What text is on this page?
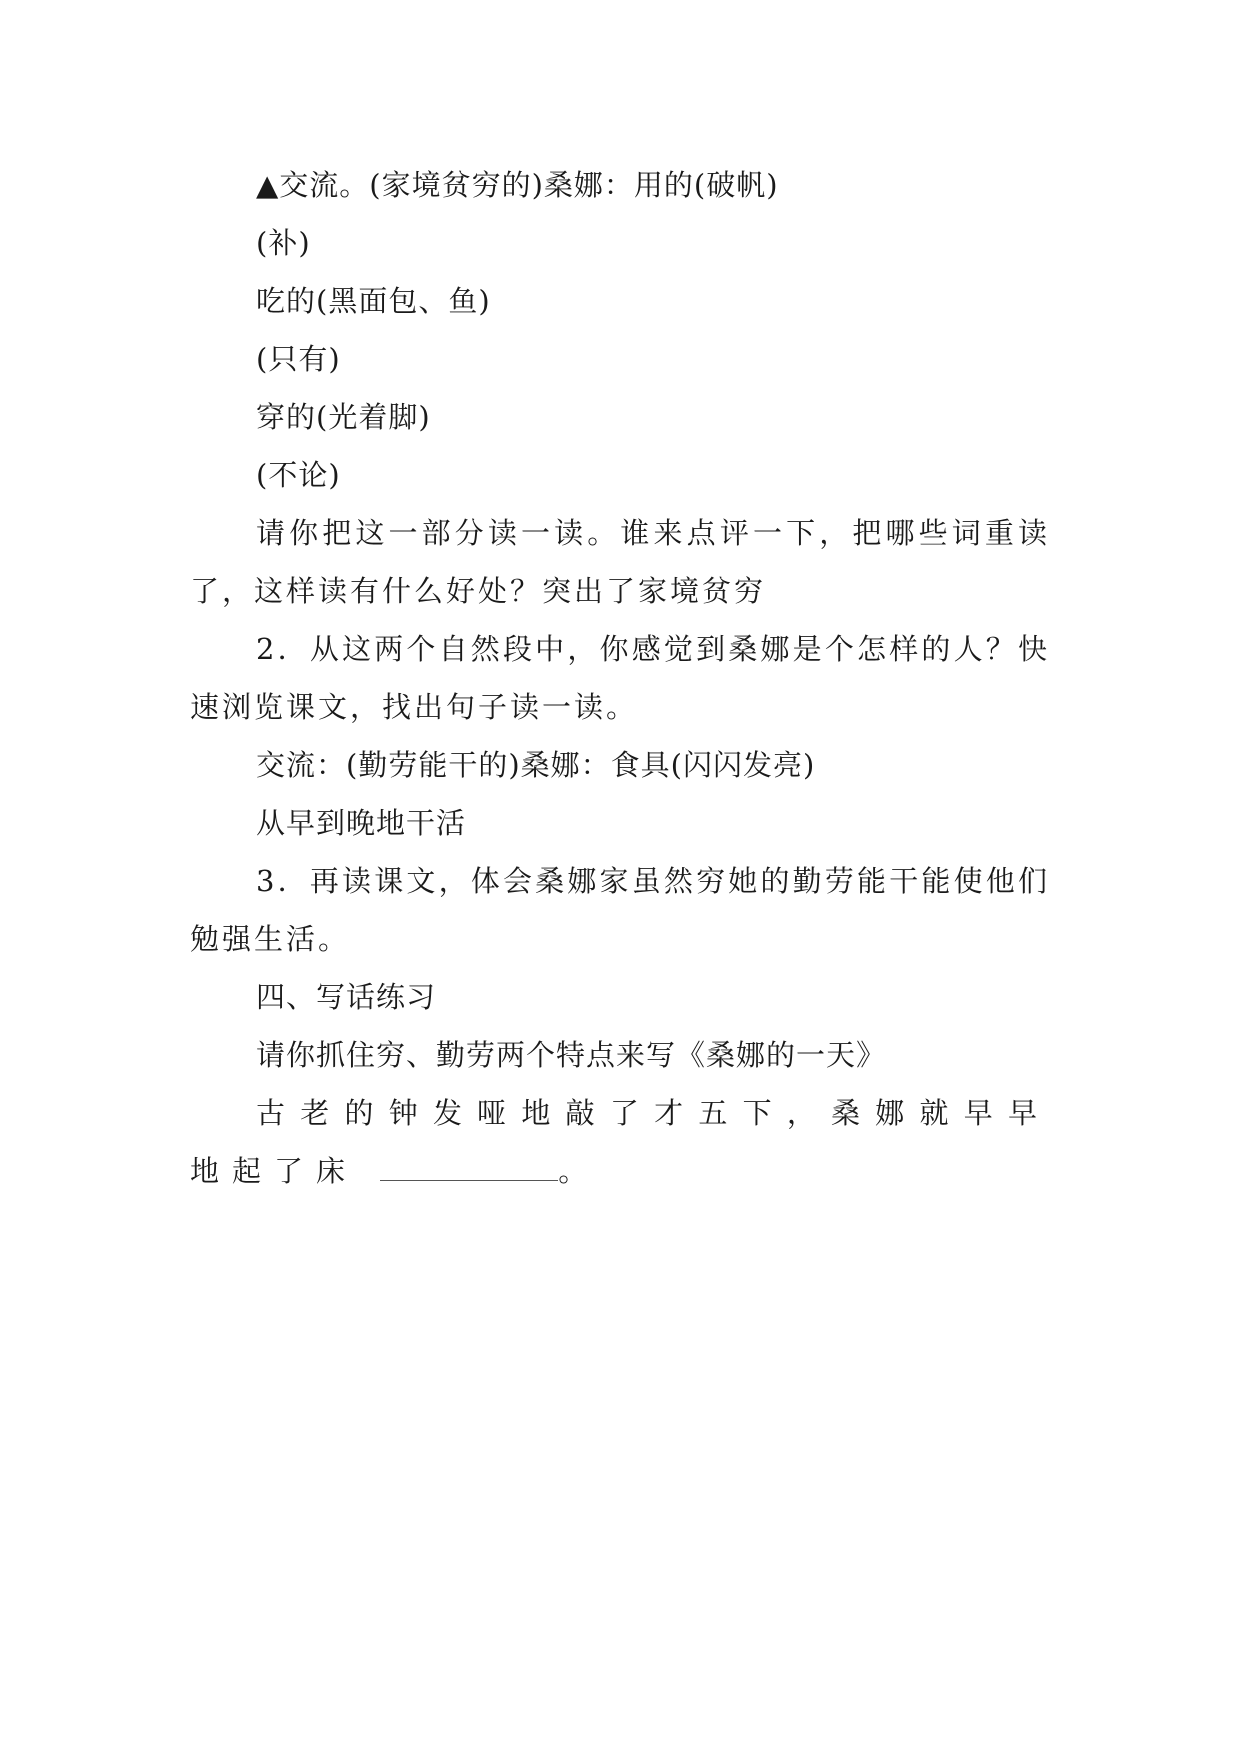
▲交流。(家境贫穷的)桑娜：用的(破帆)
(补)
吃的(黑面包、鱼)
(只有)
穿的(光着脚)
(不论)
请你把这一部分读一读。谁来点评一下，把哪些词重读了，这样读有什么好处？突出了家境贫穷
2．从这两个自然段中，你感觉到桑娜是个怎样的人？快速浏览课文，找出句子读一读。
交流：(勤劳能干的)桑娜：食具(闪闪发亮)
从早到晚地干活
3．再读课文，体会桑娜家虽然穷她的勤劳能干能使他们勉强生活。
四、写话练习
请你抓住穷、勤劳两个特点来写《桑娜的一天》
古老的钟发哑地敲了才五下，桑娜就早早地起了床	。
